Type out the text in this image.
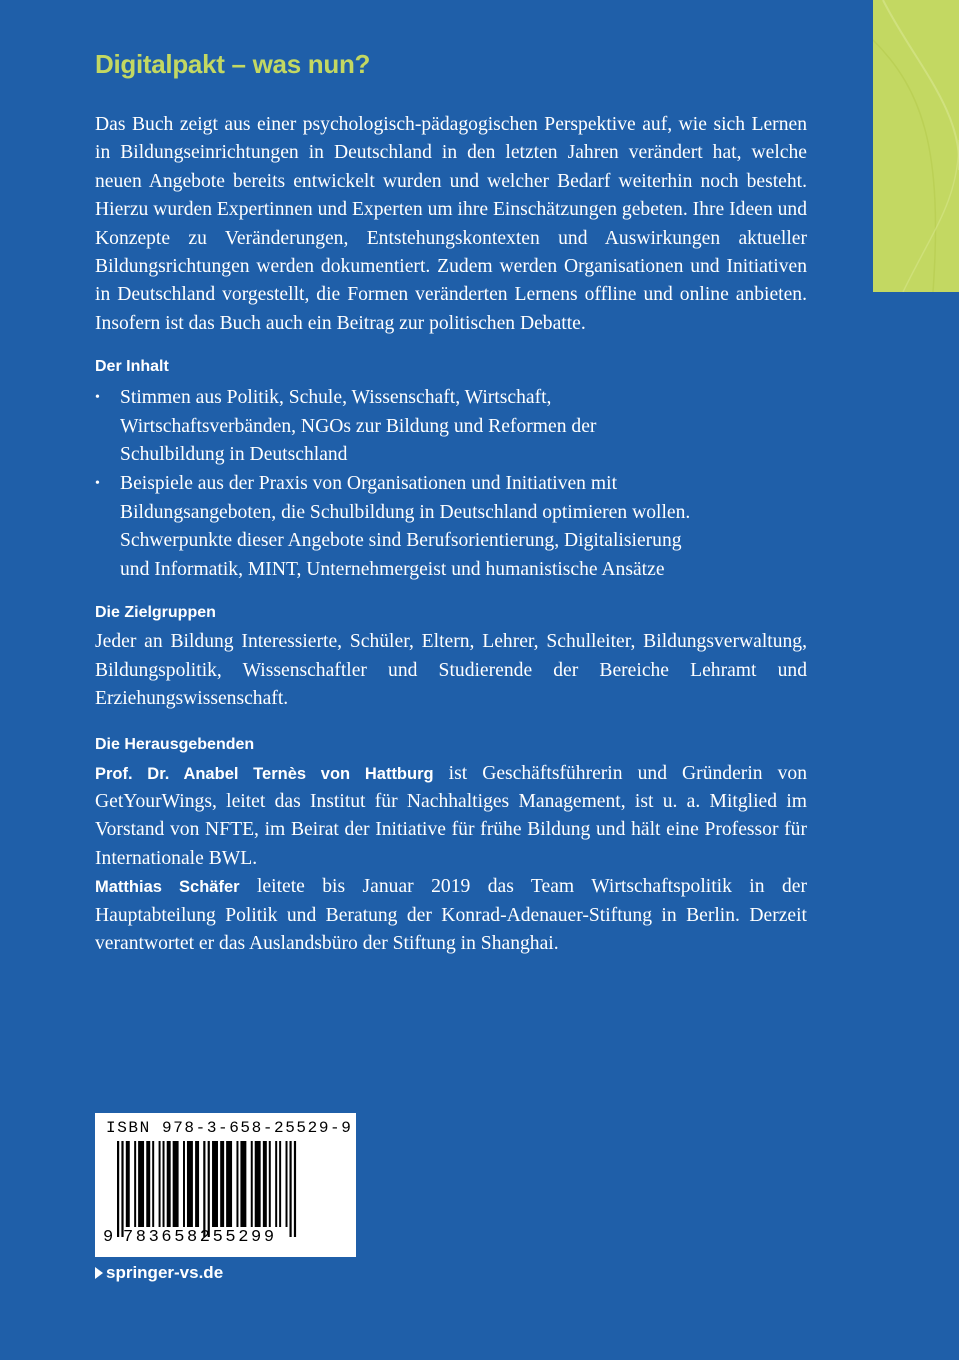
Digitalpakt – was nun?

Das Buch zeigt aus einer psychologisch-pädagogischen Perspektive auf, wie sich Lernen in Bildungseinrichtungen in Deutschland in den letzten Jahren verändert hat, welche neuen Angebote bereits entwickelt wurden und welcher Bedarf weiterhin noch besteht. Hierzu wurden Expertinnen und Experten um ihre Einschätzungen gebeten. Ihre Ideen und Konzepte zu Veränderungen, Entstehungskontexten und Auswirkungen aktueller Bildungsrichtungen werden dokumentiert. Zudem werden Organisationen und Initiativen in Deutschland vorgestellt, die Formen veränderten Lernens offline und online anbieten. Insofern ist das Buch auch ein Beitrag zur politischen Debatte.

Der Inhalt
• Stimmen aus Politik, Schule, Wissenschaft, Wirtschaft, Wirtschaftsverbänden, NGOs zur Bildung und Reformen der Schulbildung in Deutschland
• Beispiele aus der Praxis von Organisationen und Initiativen mit Bildungsangeboten, die Schulbildung in Deutschland optimieren wollen. Schwerpunkte dieser Angebote sind Berufsorientierung, Digitalisierung und Informatik, MINT, Unternehmergeist und humanistische Ansätze
Die Zielgruppen

Jeder an Bildung Interessierte, Schüler, Eltern, Lehrer, Schulleiter, Bildungsverwaltung, Bildungspolitik, Wissenschaftler und Studierende der Bereiche Lehramt und Erziehungswissenschaft.

Die Herausgebenden

Prof. Dr. Anabel Ternès von Hattburg ist Geschäftsführerin und Gründerin von GetYourWings, leitet das Institut für Nachhaltiges Management, ist u. a. Mitglied im Vorstand von NFTE, im Beirat der Initiative für frühe Bildung und hält eine Professor für Internationale BWL.

Matthias Schäfer leitete bis Januar 2019 das Team Wirtschaftspolitik in der Hauptabteilung Politik und Beratung der Konrad-Adenauer-Stiftung in Berlin. Derzeit verantwortet er das Auslandsbüro der Stiftung in Shanghai.

ISBN 978-3-658-25529-9
9 783658255299
springer-vs.de
